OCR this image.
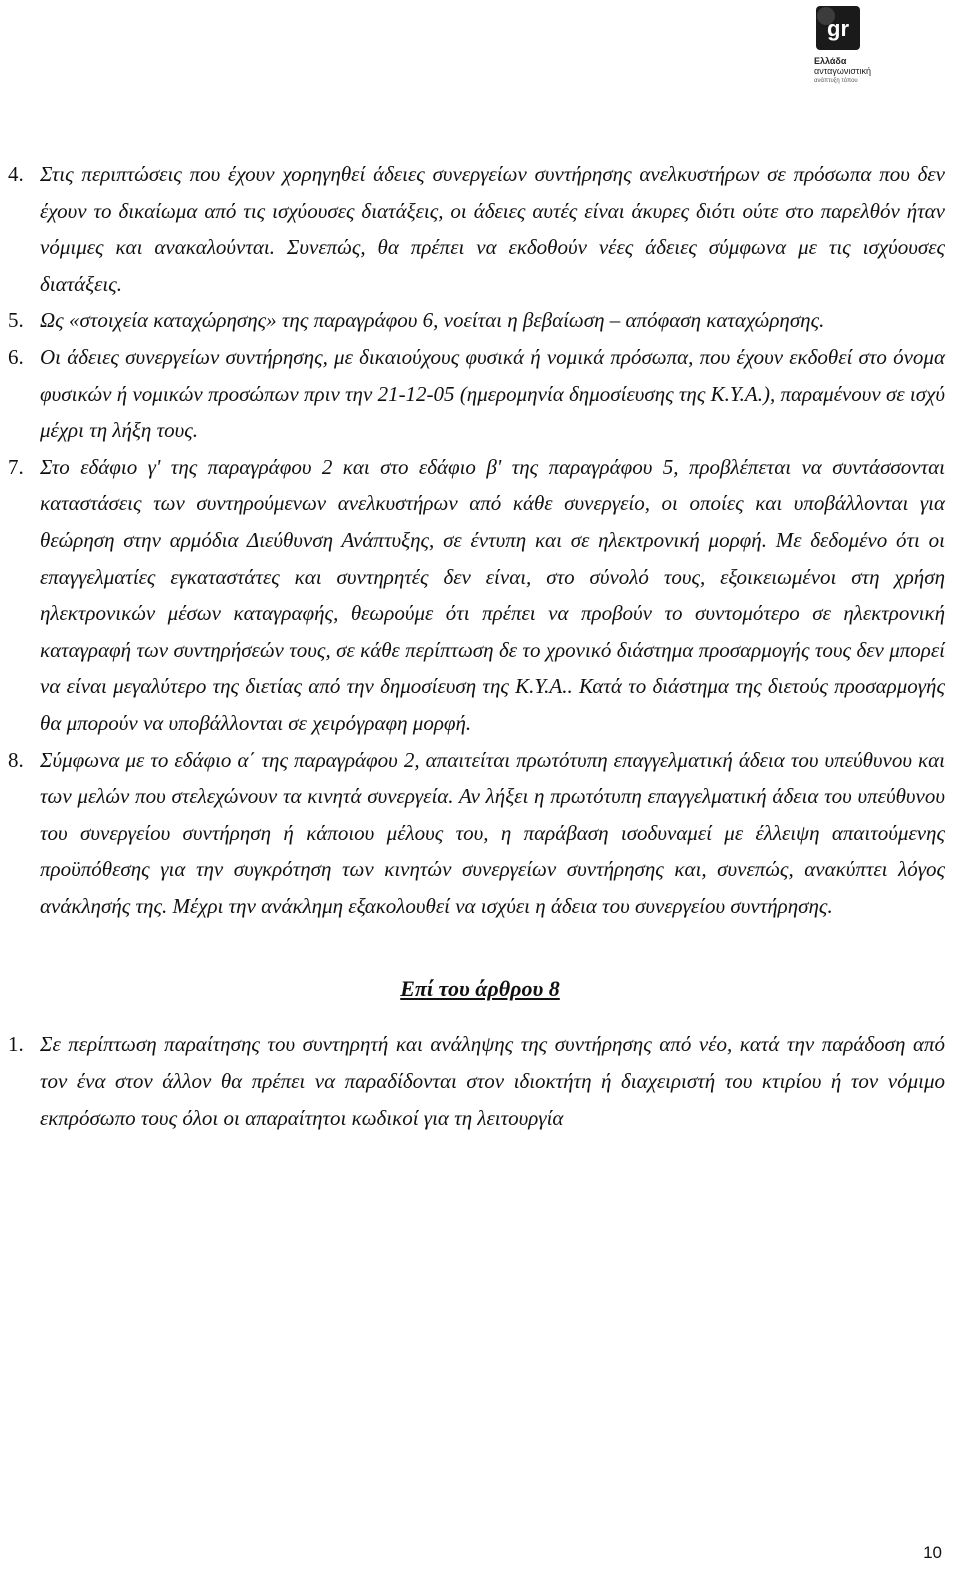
gr
Ελλάδα
ανταγωνιστική
ανάπτυξη τόπου

4. Στις περιπτώσεις που έχουν χορηγηθεί άδειες συνεργείων συντήρησης ανελκυστήρων σε πρόσωπα που δεν έχουν το δικαίωμα από τις ισχύουσες διατάξεις, οι άδειες αυτές είναι άκυρες διότι ούτε στο παρελθόν ήταν νόμιμες και ανακαλούνται. Συνεπώς, θα πρέπει να εκδοθούν νέες άδειες σύμφωνα με τις ισχύουσες διατάξεις.

5. Ως «στοιχεία καταχώρησης» της παραγράφου 6, νοείται η βεβαίωση – απόφαση καταχώρησης.

6. Οι άδειες συνεργείων συντήρησης, με δικαιούχους φυσικά ή νομικά πρόσωπα, που έχουν εκδοθεί στο όνομα φυσικών ή νομικών προσώπων πριν την 21-12-05 (ημερομηνία δημοσίευσης της Κ.Υ.Α.), παραμένουν σε ισχύ μέχρι τη λήξη τους.

7. Στο εδάφιο γ' της παραγράφου 2 και στο εδάφιο β' της παραγράφου 5, προβλέπεται να συντάσσονται καταστάσεις των συντηρούμενων ανελκυστήρων από κάθε συνεργείο, οι οποίες και υποβάλλονται για θεώρηση στην αρμόδια Διεύθυνση Ανάπτυξης, σε έντυπη και σε ηλεκτρονική μορφή. Με δεδομένο ότι οι επαγγελματίες εγκαταστάτες και συντηρητές δεν είναι, στο σύνολό τους, εξοικειωμένοι στη χρήση ηλεκτρονικών μέσων καταγραφής, θεωρούμε ότι πρέπει να προβούν το συντομότερο σε ηλεκτρονική καταγραφή των συντηρήσεών τους, σε κάθε περίπτωση δε το χρονικό διάστημα προσαρμογής τους δεν μπορεί να είναι μεγαλύτερο της διετίας από την δημοσίευση της Κ.Υ.Α.. Κατά το διάστημα της διετούς προσαρμογής θα μπορούν να υποβάλλονται σε χειρόγραφη μορφή.

8. Σύμφωνα με το εδάφιο α΄ της παραγράφου 2, απαιτείται πρωτότυπη επαγγελματική άδεια του υπεύθυνου και των μελών που στελεχώνουν τα κινητά συνεργεία. Αν λήξει η πρωτότυπη επαγγελματική άδεια του υπεύθυνου του συνεργείου συντήρηση ή κάποιου μέλους του, η παράβαση ισοδυναμεί με έλλειψη απαιτούμενης προϋπόθεσης για την συγκρότηση των κινητών συνεργείων συντήρησης και, συνεπώς, ανακύπτει λόγος ανάκλησής της. Μέχρι την ανάκλημη εξακολουθεί να ισχύει η άδεια του συνεργείου συντήρησης.

Επί του άρθρου 8

1. Σε περίπτωση παραίτησης του συντηρητή και ανάληψης της συντήρησης από νέο, κατά την παράδοση από τον ένα στον άλλον θα πρέπει να παραδίδονται στον ιδιοκτήτη ή διαχειριστή του κτιρίου ή τον νόμιμο εκπρόσωπο τους όλοι οι απαραίτητοι κωδικοί για τη λειτουργία

10
